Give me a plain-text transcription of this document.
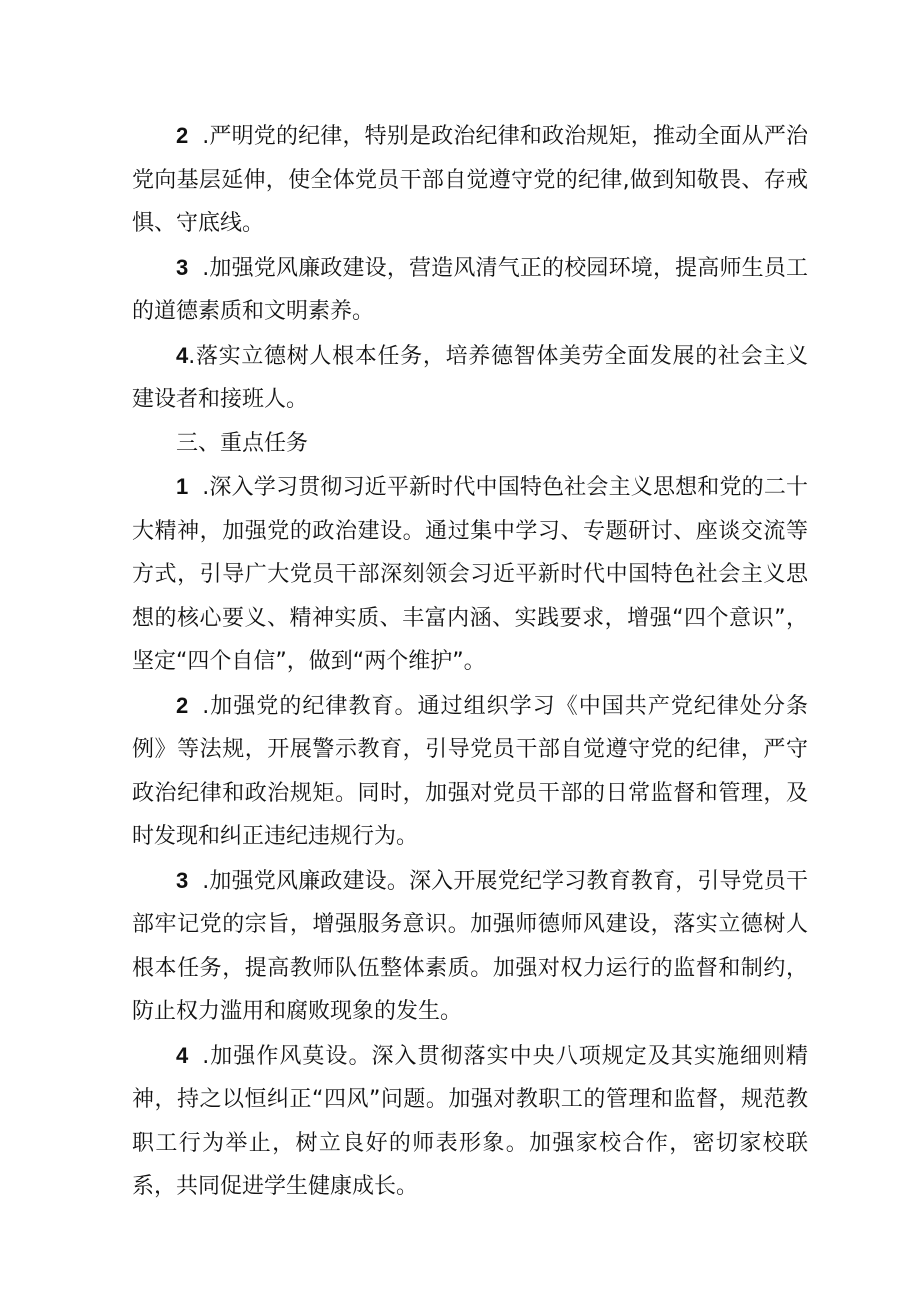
2 .严明党的纪律，特别是政治纪律和政治规矩，推动全面从严治党向基层延伸，使全体党员干部自觉遵守党的纪律,做到知敬畏、存戒惧、守底线。

3 .加强党风廉政建设，营造风清气正的校园环境，提高师生员工的道德素质和文明素养。

4.落实立德树人根本任务，培养德智体美劳全面发展的社会主义建设者和接班人。

三、重点任务

1 .深入学习贯彻习近平新时代中国特色社会主义思想和党的二十大精神，加强党的政治建设。通过集中学习、专题研讨、座谈交流等方式，引导广大党员干部深刻领会习近平新时代中国特色社会主义思想的核心要义、精神实质、丰富内涵、实践要求，增强“四个意识”，坚定“四个自信”，做到“两个维护”。

2 .加强党的纪律教育。通过组织学习《中国共产党纪律处分条例》等法规，开展警示教育，引导党员干部自觉遵守党的纪律，严守政治纪律和政治规矩。同时，加强对党员干部的日常监督和管理，及时发现和纠正违纪违规行为。

3 .加强党风廉政建设。深入开展党纪学习教育教育，引导党员干部牢记党的宗旨，增强服务意识。加强师德师风建设，落实立德树人根本任务，提高教师队伍整体素质。加强对权力运行的监督和制约，防止权力滥用和腐败现象的发生。

4 .加强作风莫设。深入贯彻落实中央八项规定及其实施细则精神，持之以恒纠正“四风”问题。加强对教职工的管理和监督，规范教职工行为举止，树立良好的师表形象。加强家校合作，密切家校联系，共同促进学生健康成长。
